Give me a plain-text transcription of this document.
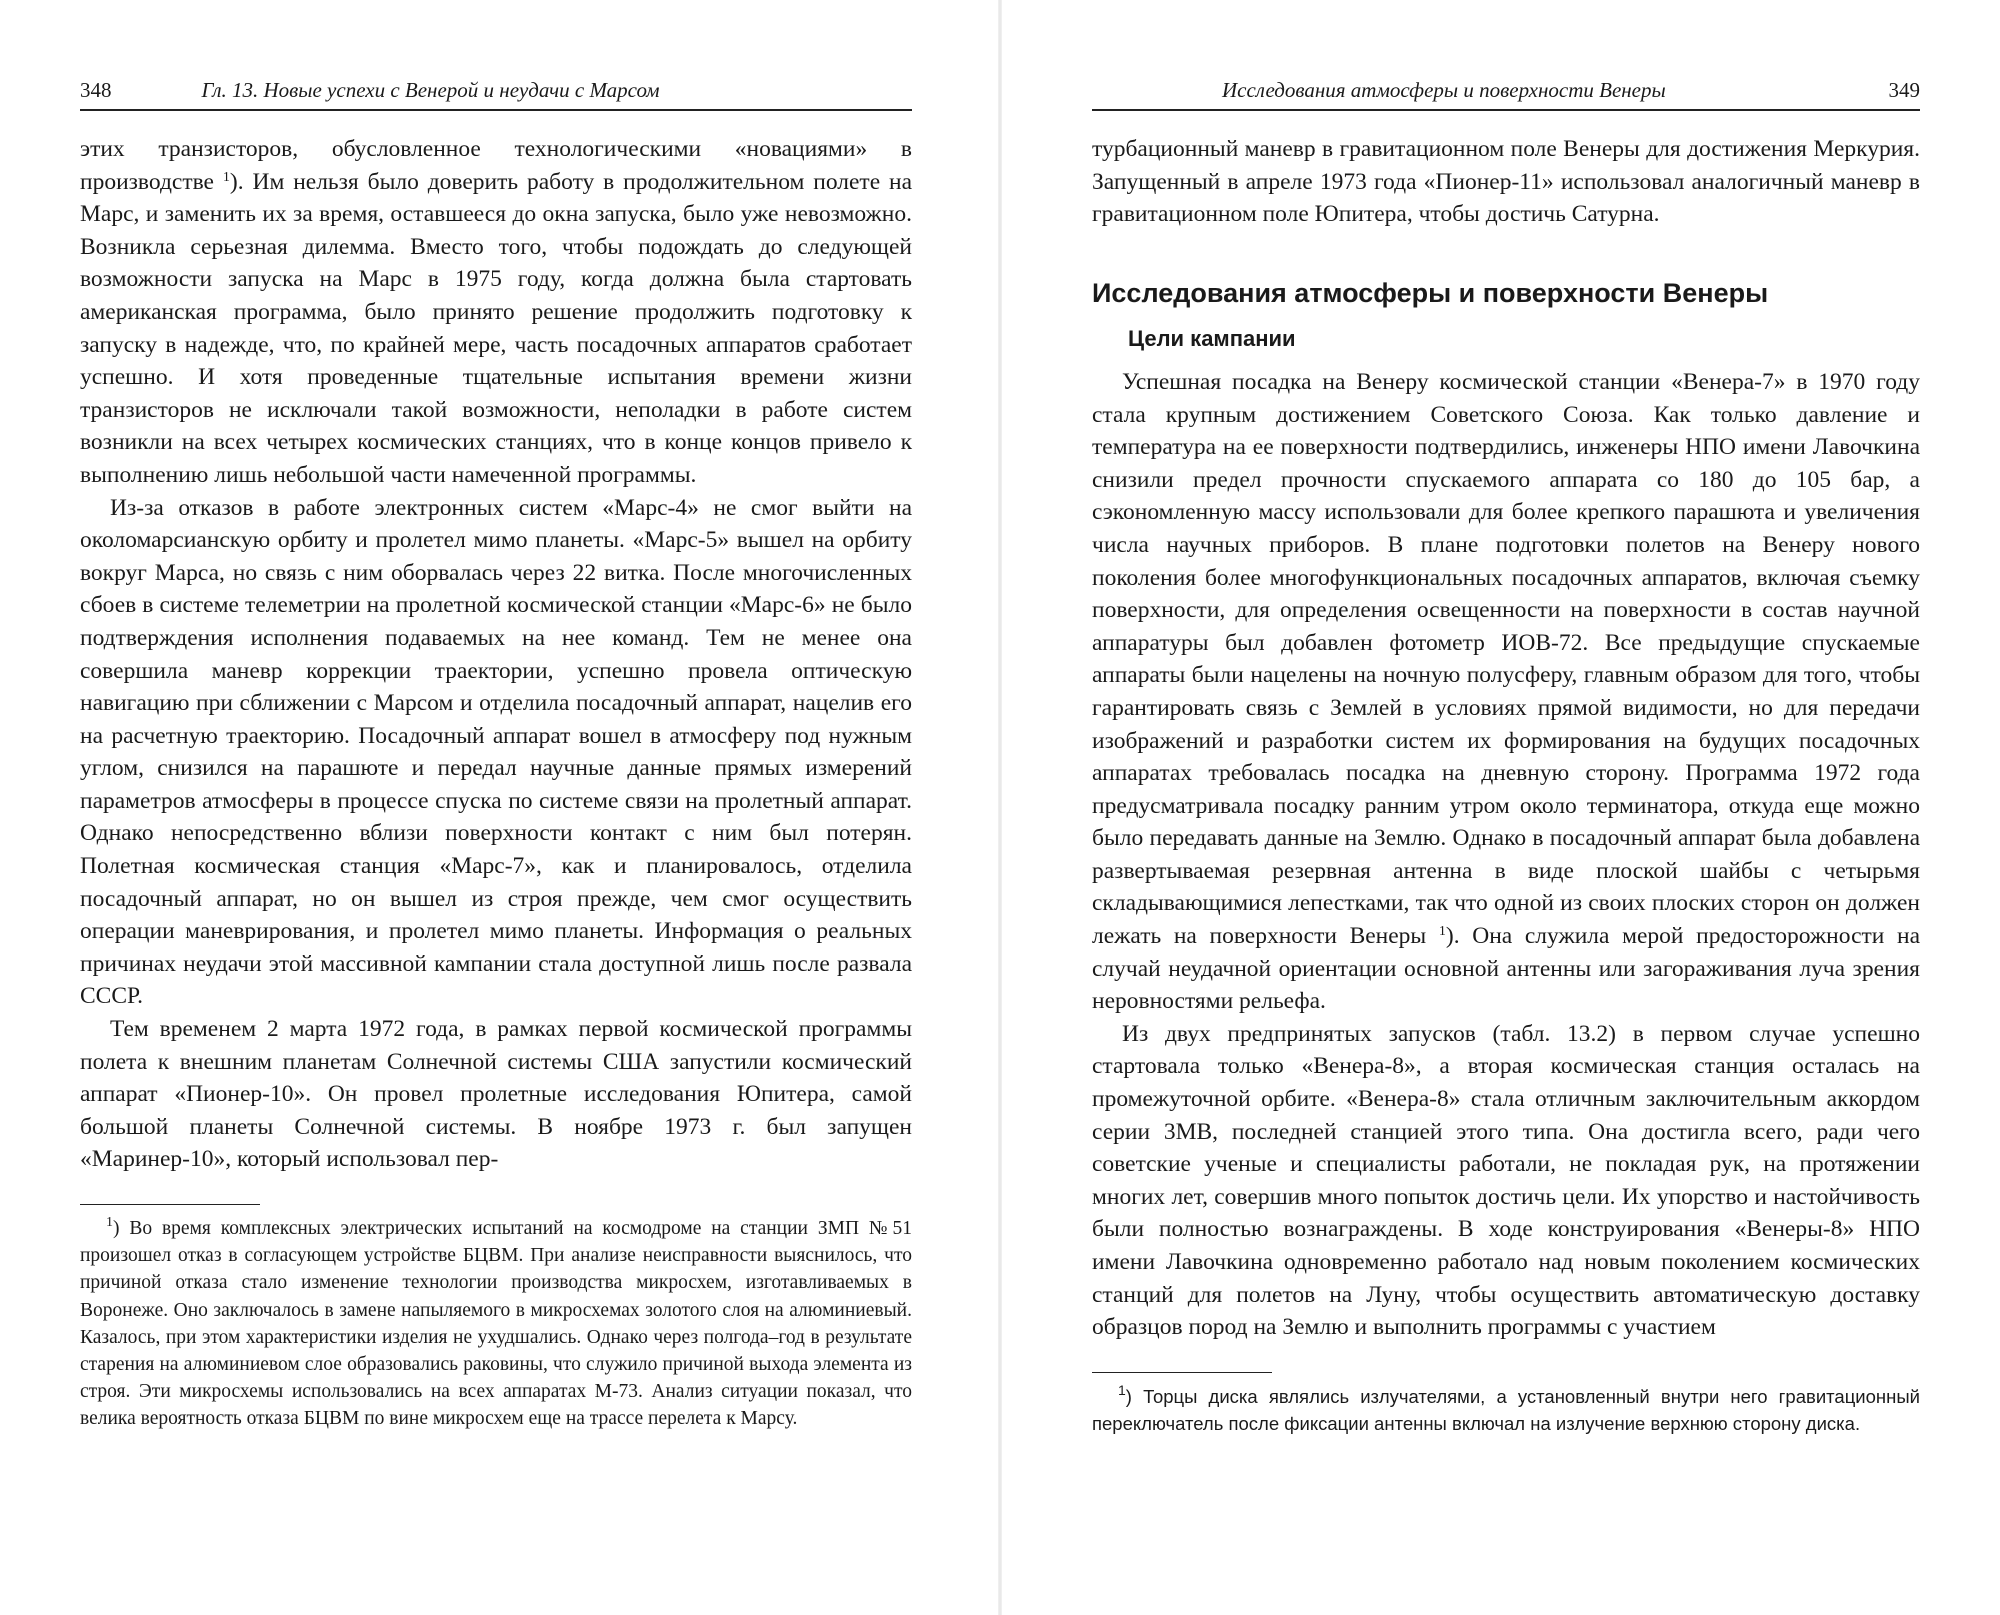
348	Гл. 13. Новые успехи с Венерой и неудачи с Марсом

этих транзисторов, обусловленное технологическими «новациями» в производстве $^1$). Им нельзя было доверить работу в продолжительном полете на Марс, и заменить их за время, оставшееся до окна запуска, было уже невозможно. Возникла серьезная дилемма. Вместо того, чтобы подождать до следующей возможности запуска на Марс в 1975 году, когда должна была стартовать американская программа, было принято решение продолжить подготовку к запуску в надежде, что, по крайней мере, часть посадочных аппаратов сработает успешно. И хотя проведенные тщательные испытания времени жизни транзисторов не исключали такой возможности, неполадки в работе систем возникли на всех четырех космических станциях, что в конце концов привело к выполнению лишь небольшой части намеченной программы.

Из-за отказов в работе электронных систем «Марс-4» не смог выйти на околомарсианскую орбиту и пролетел мимо планеты. «Марс-5» вышел на орбиту вокруг Марса, но связь с ним оборвалась через 22 витка. После многочисленных сбоев в системе телеметрии на пролетной космической станции «Марс-6» не было подтверждения исполнения подаваемых на нее команд. Тем не менее она совершила маневр коррекции траектории, успешно провела оптическую навигацию при сближении с Марсом и отделила посадочный аппарат, нацелив его на расчетную траекторию. Посадочный аппарат вошел в атмосферу под нужным углом, снизился на парашюте и передал научные данные прямых измерений параметров атмосферы в процессе спуска по системе связи на пролетный аппарат. Однако непосредственно вблизи поверхности контакт с ним был потерян. Полетная космическая станция «Марс-7», как и планировалось, отделила посадочный аппарат, но он вышел из строя прежде, чем смог осуществить операции маневрирования, и пролетел мимо планеты. Информация о реальных причинах неудачи этой массивной кампании стала доступной лишь после развала СССР.

Тем временем 2 марта 1972 года, в рамках первой космической программы полета к внешним планетам Солнечной системы США запустили космический аппарат «Пионер-10». Он провел пролетные исследования Юпитера, самой большой планеты Солнечной системы. В ноябре 1973 г. был запущен «Маринер-10», который использовал пер-

$^1$) Во время комплексных электрических испытаний на космодроме на станции ЗМП №51 произошел отказ в согласующем устройстве БЦВМ. При анализе неисправности выяснилось, что причиной отказа стало изменение технологии производства микросхем, изготавливаемых в Воронеже. Оно заключалось в замене напыляемого в микросхемах золотого слоя на алюминиевый. Казалось, при этом характеристики изделия не ухудшались. Однако через полгода–год в результате старения на алюминиевом слое образовались раковины, что служило причиной выхода элемента из строя. Эти микросхемы использовались на всех аппаратах М-73. Анализ ситуации показал, что велика вероятность отказа БЦВМ по вине микросхем еще на трассе перелета к Марсу.

Исследования атмосферы и поверхности Венеры	349

турбационный маневр в гравитационном поле Венеры для достижения Меркурия. Запущенный в апреле 1973 года «Пионер-11» использовал аналогичный маневр в гравитационном поле Юпитера, чтобы достичь Сатурна.

Исследования атмосферы и поверхности Венеры
Цели кампании

Успешная посадка на Венеру космической станции «Венера-7» в 1970 году стала крупным достижением Советского Союза. Как только давление и температура на ее поверхности подтвердились, инженеры НПО имени Лавочкина снизили предел прочности спускаемого аппарата со 180 до 105 бар, а сэкономленную массу использовали для более крепкого парашюта и увеличения числа научных приборов. В плане подготовки полетов на Венеру нового поколения более многофункциональных посадочных аппаратов, включая съемку поверхности, для определения освещенности на поверхности в состав научной аппаратуры был добавлен фотометр ИОВ-72. Все предыдущие спускаемые аппараты были нацелены на ночную полусферу, главным образом для того, чтобы гарантировать связь с Землей в условиях прямой видимости, но для передачи изображений и разработки систем их формирования на будущих посадочных аппаратах требовалась посадка на дневную сторону. Программа 1972 года предусматривала посадку ранним утром около терминатора, откуда еще можно было передавать данные на Землю. Однако в посадочный аппарат была добавлена развертываемая резервная антенна в виде плоской шайбы с четырьмя складывающимися лепестками, так что одной из своих плоских сторон он должен лежать на поверхности Венеры $^1$). Она служила мерой предосторожности на случай неудачной ориентации основной антенны или загораживания луча зрения неровностями рельефа.

Из двух предпринятых запусков (табл. 13.2) в первом случае успешно стартовала только «Венера-8», а вторая космическая станция осталась на промежуточной орбите. «Венера-8» стала отличным заключительным аккордом серии 3МВ, последней станцией этого типа. Она достигла всего, ради чего советские ученые и специалисты работали, не покладая рук, на протяжении многих лет, совершив много попыток достичь цели. Их упорство и настойчивость были полностью вознаграждены. В ходе конструирования «Венеры-8» НПО имени Лавочкина одновременно работало над новым поколением космических станций для полетов на Луну, чтобы осуществить автоматическую доставку образцов пород на Землю и выполнить программы с участием

$^1$) Торцы диска являлись излучателями, а установленный внутри него гравитационный переключатель после фиксации антенны включал на излучение верхнюю сторону диска.
